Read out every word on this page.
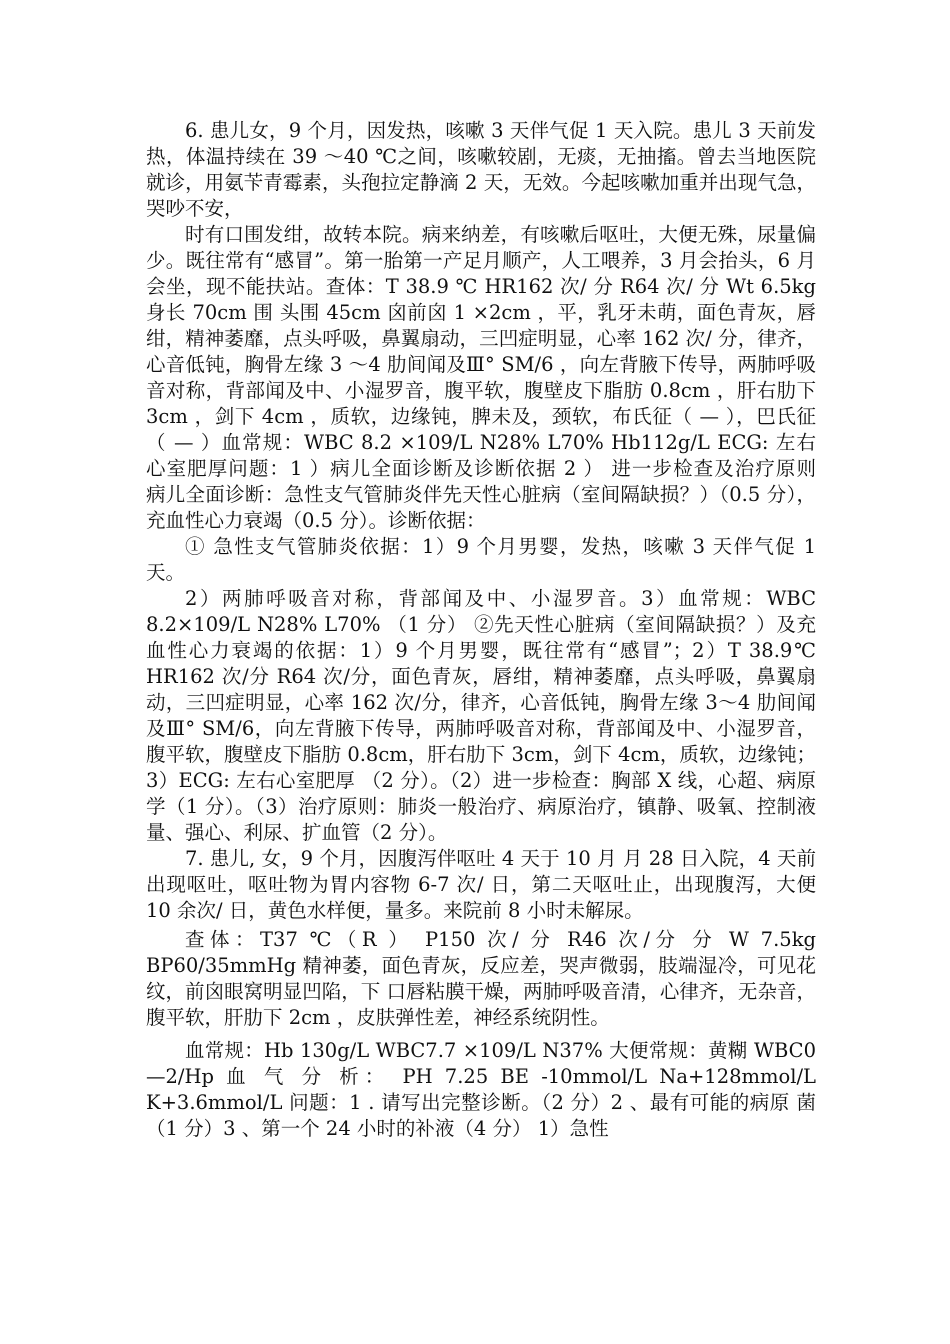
6. 患儿女，9 个月，因发热，咳嗽 3 天伴气促 1 天入院。患儿 3 天前发热，体温持续在 39 ～40 ℃之间，咳嗽较剧，无痰，无抽搐。曾去当地医院就诊，用氨苄青霉素，头孢拉定静滴 2 天，无效。今起咳嗽加重并出现气急，哭吵不安，

时有口围发绀，故转本院。病来纳差，有咳嗽后呕吐，大便无殊，尿量偏少。既往常有“感冒”。第一胎第一产足月顺产，人工喂养，3 月会抬头，6 月会坐，现不能扶站。查体：T 38.9 ℃ HR162 次/ 分 R64 次/ 分 Wt 6.5kg 身长 70cm 围 头围 45cm 囟前囟 1 ×2cm ，平，乳牙未萌，面色青灰，唇绀，精神萎靡，点头呼吸，鼻翼扇动，三凹症明显，心率 162 次/ 分，律齐，心音低钝，胸骨左缘 3 ～4 肋间闻及Ⅲ° SM/6 ，向左背腋下传导，两肺呼吸音对称，背部闻及中、小湿罗音，腹平软，腹壁皮下脂肪 0.8cm ，肝右肋下 3cm ，剑下 4cm ，质软，边缘钝，脾未及，颈软，布氏征（ — ），巴氏征（ — ）血常规：WBC 8.2 ×109/L N28% L70% Hb112g/L ECG: 左右心室肥厚问题：1 ）病儿全面诊断及诊断依据 2 ） 进一步检查及治疗原则　 病儿全面诊断：急性支气管肺炎伴先天性心脏病（室间隔缺损？）（0.5 分），充血性心力衰竭（0.5 分）。诊断依据：

① 急性支气管肺炎依据：1）9 个月男婴，发热，咳嗽 3 天伴气促 1 天。

2）两肺呼吸音对称，背部闻及中、小湿罗音。3）血常规：WBC 8.2×109/L N28% L70% （1 分） ②先天性心脏病（室间隔缺损？）及充血性心力衰竭的依据：1）9 个月男婴，既往常有“感冒”；2）T 38.9℃ HR162 次/分 R64 次/分，面色青灰，唇绀，精神萎靡，点头呼吸，鼻翼扇动，三凹症明显，心率 162 次/分，律齐，心音低钝，胸骨左缘 3～4 肋间闻及Ⅲ° SM/6，向左背腋下传导，两肺呼吸音对称，背部闻及中、小湿罗音，腹平软，腹壁皮下脂肪 0.8cm，肝右肋下 3cm，剑下 4cm，质软，边缘钝；3）ECG: 左右心室肥厚 （2 分）。（2）进一步检查：胸部 X 线，心超、病原学（1 分）。（3）治疗原则：肺炎一般治疗、病原治疗，镇静、吸氧、控制液量、强心、利尿、扩血管（2 分）。

7. 患儿, 女，9 个月，因腹泻伴呕吐 4 天于 10 月 月 28 日入院，4 天前出现呕吐，呕吐物为胃内容物 6-7 次/ 日，第二天呕吐止，出现腹泻，大便 10 余次/ 日，黄色水样便，量多。来院前 8 小时未解尿。

查体：T37 ℃（R ） P150 次/ 分 R46 次/分 分 W 7.5kg BP60/35mmHg 精神萎，面色青灰，反应差，哭声微弱，肢端湿冷，可见花纹，前囟眼窝明显凹陷，下 口唇粘膜干燥，两肺呼吸音清，心律齐，无杂音，腹平软，肝肋下 2cm ，皮肤弹性差，神经系统阴性。

血常规：Hb 130g/L WBC7.7 ×109/L N37% 大便常规：黄糊 WBC0 —2/Hp 血 气 分 析： PH 7.25 BE -10mmol/L Na+128mmol/L K+3.6mmol/L 问题：1 . 请写出完整诊断。（2 分）2 、最有可能的病原 菌（1 分）3 、第一个 24 小时的补液（4 分） 1）急性
